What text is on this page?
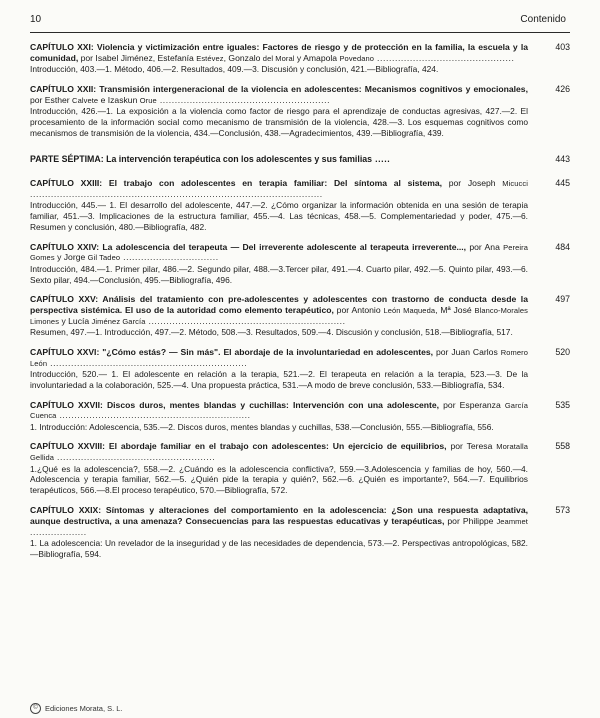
10	Contenido
CAPÍTULO XXI: Violencia y victimización entre iguales: Factores de riesgo y de protección en la familia, la escuela y la comunidad, por Isabel Jiménez, Estefanía Estévez, Gonzalo del Moral y Amapola Povedano ..............................................
Introducción, 403.—1. Método, 406.—2. Resultados, 409.—3. Discusión y conclusión, 421.—Bibliografía, 424.
403
CAPÍTULO XXII: Transmisión intergeneracional de la violencia en adolescentes: Mecanismos cognitivos y emocionales, por Esther Calvete e Izaskun Orue .........................................................
Introducción, 426.—1. La exposición a la violencia como factor de riesgo para el aprendizaje de conductas agresivas, 427.—2. El procesamiento de la información social como mecanismo de transmisión de la violencia, 428.—3. Los esquemas cognitivos como mecanismos de transmisión de la violencia, 434.—Conclusión, 438.—Agradecimientos, 439.—Bibliografía, 439.
426
PARTE SÉPTIMA: La intervención terapéutica con los adolescentes y sus familias .....	443
CAPÍTULO XXIII: El trabajo con adolescentes en terapia familiar: Del síntoma al sistema, por Joseph Micucci ..................................................................................................
Introducción, 445.— 1. El desarrollo del adolescente, 447.—2. ¿Cómo organizar la información obtenida en una sesión de terapia familiar, 451.—3. Implicaciones de la estructura familiar, 455.—4. Las técnicas, 458.—5. Complementariedad y poder, 475.—6. Resumen y conclusión, 480.—Bibliografía, 482.
445
CAPÍTULO XXIV: La adolescencia del terapeuta — Del irreverente adolescente al terapeuta irreverente..., por Ana Pereira Gomes y Jorge Gil Tadeo ................................
Introducción, 484.—1. Primer pilar, 486.—2. Segundo pilar, 488.—3.Tercer pilar, 491.—4. Cuarto pilar, 492.—5. Quinto pilar, 493.—6. Sexto pilar, 494.—Conclusión, 495.—Bibliografía, 496.
484
CAPÍTULO XXV: Análisis del tratamiento con pre-adolescentes y adolescentes con trastorno de conducta desde la perspectiva sistémica. El uso de la autoridad como elemento terapéutico, por Antonio León Maqueda, Mª José Blanco-Morales Limones y Lucía Jiménez García ..................................................................
Resumen, 497.—1. Introducción, 497.—2. Método, 508.—3. Resultados, 509.—4. Discusión y conclusión, 518.—Bibliografía, 517.
497
CAPÍTULO XXVI: "¿Cómo estás? — Sin más". El abordaje de la involuntariedad en adolescentes, por Juan Carlos Romero León ..................................................................
Introducción, 520.— 1. El adolescente en relación a la terapia, 521.—2. El terapeuta en relación a la terapia, 523.—3. De la involuntariedad a la colaboración, 525.—4. Una propuesta práctica, 531.—A modo de breve conclusión, 533.—Bibliografía, 534.
520
CAPÍTULO XXVII: Discos duros, mentes blandas y cuchillas: Intervención con una adolescente, por Esperanza García Cuenca ................................................................
1. Introducción: Adolescencia, 535.—2. Discos duros, mentes blandas y cuchillas, 538.—Conclusión, 555.—Bibliografía, 556.
535
CAPÍTULO XXVIII: El abordaje familiar en el trabajo con adolescentes: Un ejercicio de equilibrios, por Teresa Moratalla Gellida .....................................................
1.¿Qué es la adolescencia?, 558.—2. ¿Cuándo es la adolescencia conflictiva?, 559.—3.Adolescencia y familias de hoy, 560.—4. Adolescencia y terapia familiar, 562.—5. ¿Quién pide la terapia y quién?, 562.—6. ¿Quién es importante?, 564.—7. Equilibrios terapéuticos, 566.—8.El proceso terapéutico, 570.—Bibliografía, 572.
558
CAPÍTULO XXIX: Síntomas y alteraciones del comportamiento en la adolescencia: ¿Son una respuesta adaptativa, aunque destructiva, a una amenaza? Consecuencias para las respuestas educativas y terapéuticas, por Philippe Jeammet ...................
1. La adolescencia: Un revelador de la inseguridad y de las necesidades de dependencia, 573.—2. Perspectivas antropológicas, 582.—Bibliografía, 594.
573
© Ediciones Morata, S. L.
